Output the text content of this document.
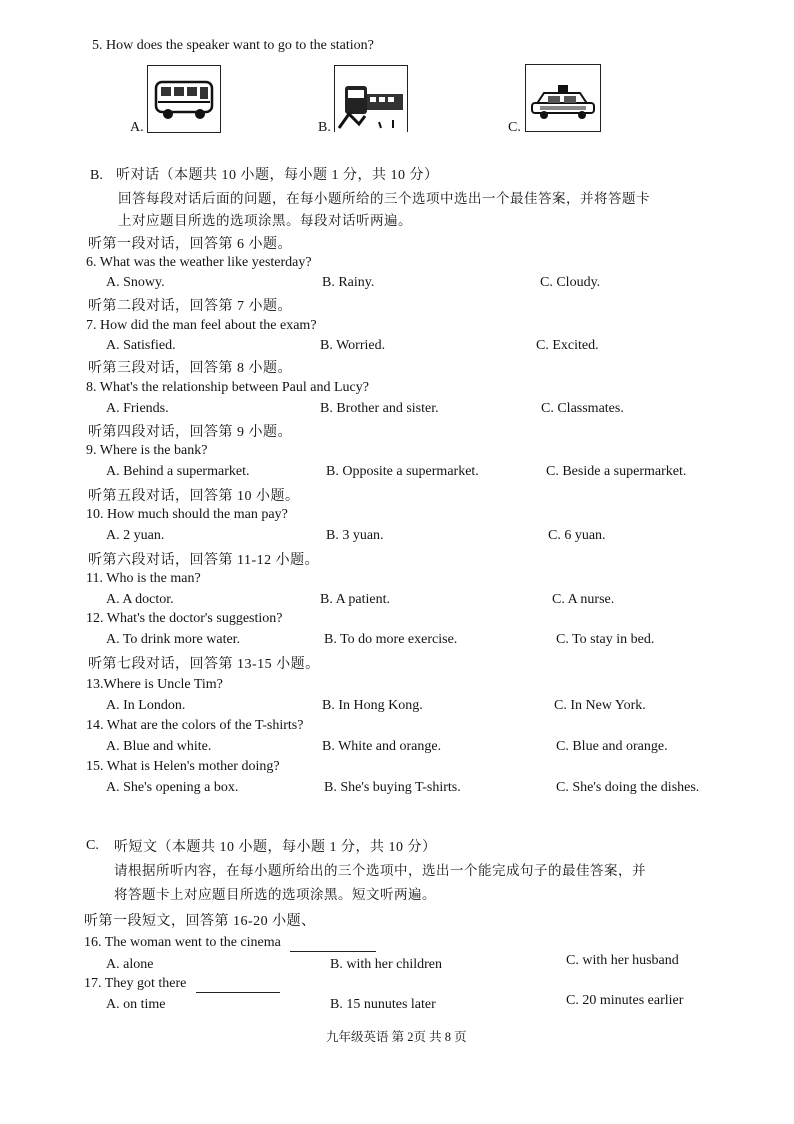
5. How does the speaker want to go to the station?
A.	B.	C.
B. 听对话（本题共 10 小题，每小题 1 分，共 10 分）
回答每段对话后面的问题，在每小题所给的三个选项中选出一个最佳答案，并将答题卡
上对应题目所选的选项涂黑。每段对话听两遍。
听第一段对话，回答第 6 小题。
6. What was the weather like yesterday?
A. Snowy.	B. Rainy.	C. Cloudy.
听第二段对话，回答第 7 小题。
7. How did the man feel about the exam?
A. Satisfied.	B. Worried.	C. Excited.
听第三段对话，回答第 8 小题。
8. What's the relationship between Paul and Lucy?
A. Friends.	B. Brother and sister.	C. Classmates.
听第四段对话，回答第 9 小题。
9. Where is the bank?
A. Behind a supermarket.	B. Opposite a supermarket.	C. Beside a supermarket.
听第五段对话，回答第 10 小题。
10. How much should the man pay?
A. 2 yuan.	B. 3 yuan.	C. 6 yuan.
听第六段对话，回答第 11-12 小题。
11. Who is the man?
A. A doctor.	B. A patient.	C. A nurse.
12. What's the doctor's suggestion?
A. To drink more water.	B. To do more exercise.	C. To stay in bed.
听第七段对话，回答第 13-15 小题。
13.Where is Uncle Tim?
A. In London.	B. In Hong Kong.	C. In New York.
14. What are the colors of the T-shirts?
A. Blue and white.	B. White and orange.	C. Blue and orange.
15. What is Helen's mother doing?
A. She's opening a box.	B. She's buying T-shirts.	C. She's doing the dishes.
C. 听短文（本题共 10 小题，每小题 1 分，共 10 分）
请根据所听内容，在每小题所给出的三个选项中，选出一个能完成句子的最佳答案，并
将答题卡上对应题目所选的选项涂黑。短文听两遍。
听第一段短文，回答第 16-20 小题、
16. The woman went to the cinema
A. alone	B. with her children	C. with her husband
17. They got there
A. on time	B. 15 nunutes later	C. 20 minutes earlier
九年级英语 第 2页 共 8 页
